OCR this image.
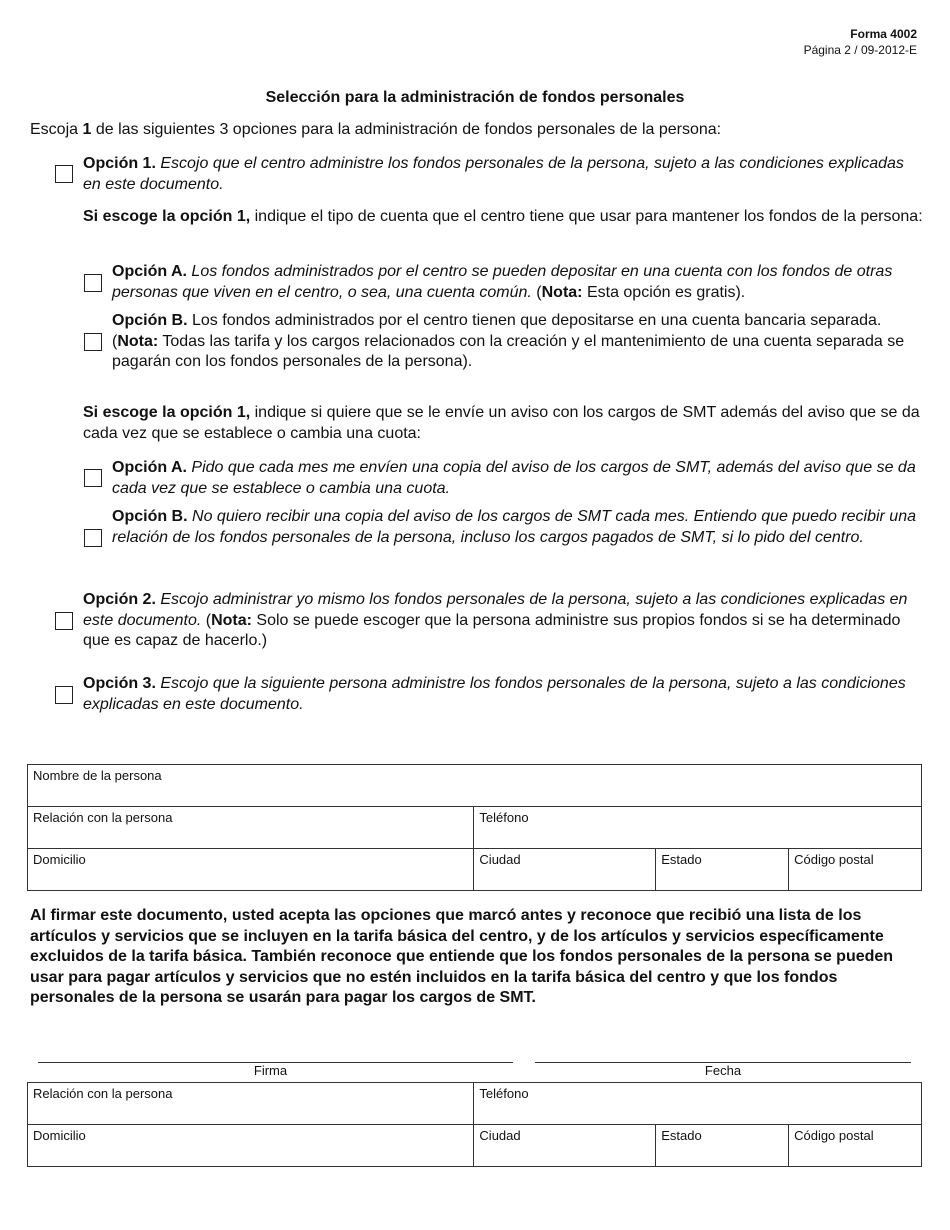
Forma 4002
Página 2 / 09-2012-E
Selección para la administración de fondos personales
Escoja 1 de las siguientes 3 opciones para la administración de fondos personales de la persona:
Opción 1. Escojo que el centro administre los fondos personales de la persona, sujeto a las condiciones explicadas en este documento.
Si escoge la opción 1, indique el tipo de cuenta que el centro tiene que usar para mantener los fondos de la persona:
Opción A. Los fondos administrados por el centro se pueden depositar en una cuenta con los fondos de otras personas que viven en el centro, o sea, una cuenta común. (Nota: Esta opción es gratis).
Opción B. Los fondos administrados por el centro tienen que depositarse en una cuenta bancaria separada. (Nota: Todas las tarifa y los cargos relacionados con la creación y el mantenimiento de una cuenta separada se pagarán con los fondos personales de la persona).
Si escoge la opción 1, indique si quiere que se le envíe un aviso con los cargos de SMT además del aviso que se da cada vez que se establece o cambia una cuota:
Opción A. Pido que cada mes me envíen una copia del aviso de los cargos de SMT, además del aviso que se da cada vez que se establece o cambia una cuota.
Opción B. No quiero recibir una copia del aviso de los cargos de SMT cada mes. Entiendo que puedo recibir una relación de los fondos personales de la persona, incluso los cargos pagados de SMT, si lo pido del centro.
Opción 2. Escojo administrar yo mismo los fondos personales de la persona, sujeto a las condiciones explicadas en este documento. (Nota: Solo se puede escoger que la persona administre sus propios fondos si se ha determinado que es capaz de hacerlo.)
Opción 3. Escojo que la siguiente persona administre los fondos personales de la persona, sujeto a las condiciones explicadas en este documento.
Nombre de la persona			
Relación con la persona	Teléfono		
Domicilio	Ciudad	Estado	Código postal
Al firmar este documento, usted acepta las opciones que marcó antes y reconoce que recibió una lista de los artículos y servicios que se incluyen en la tarifa básica del centro, y de los artículos y servicios específicamente excluidos de la tarifa básica. También reconoce que entiende que los fondos personales de la persona se pueden usar para pagar artículos y servicios que no estén incluidos en la tarifa básica del centro y que los fondos personales de la persona se usarán para pagar los cargos de SMT.
Firma	Fecha
Relación con la persona	Teléfono		
Domicilio	Ciudad	Estado	Código postal
